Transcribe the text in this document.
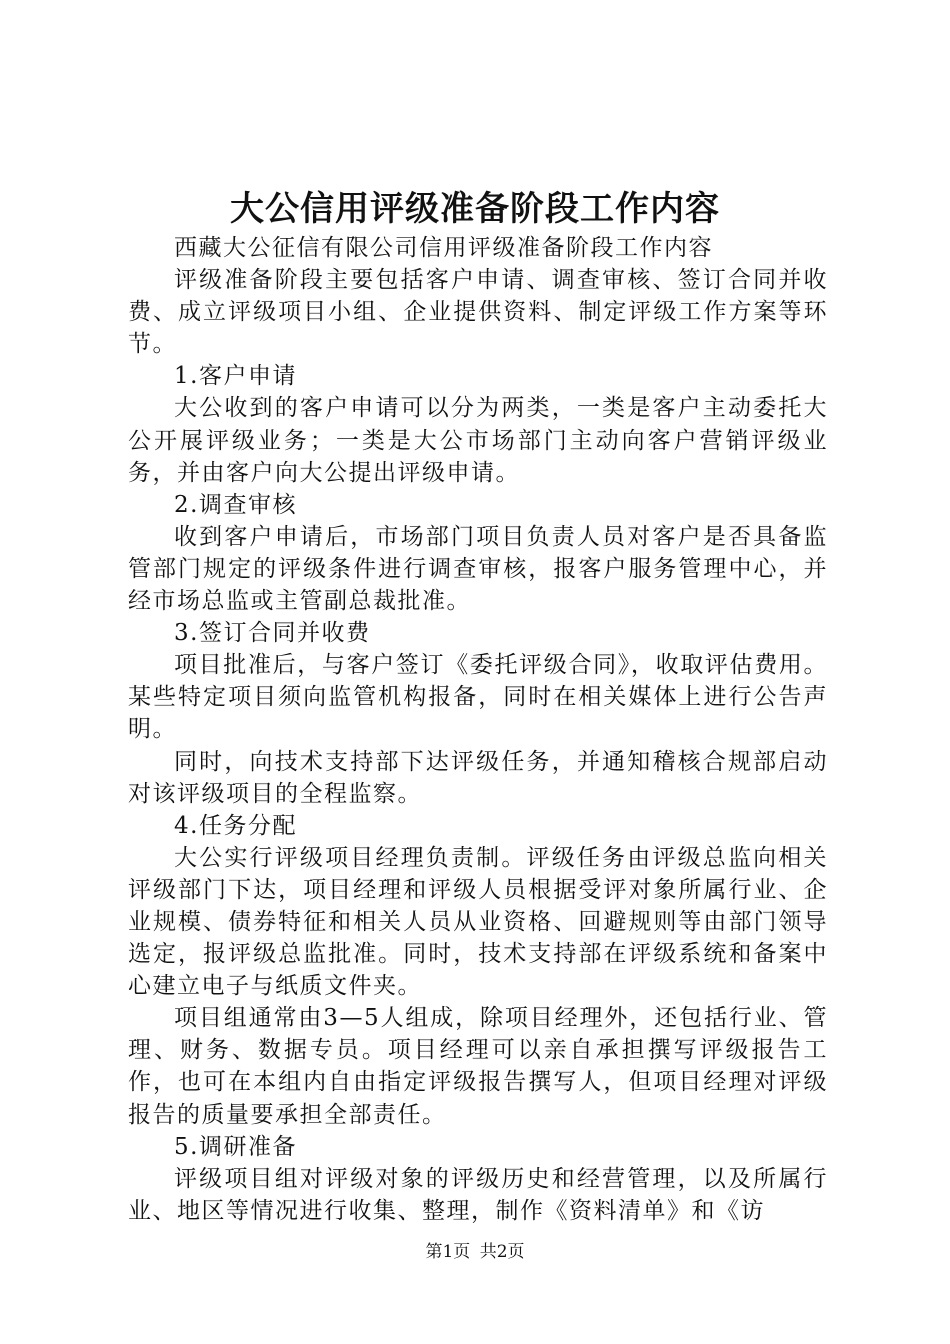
大公信用评级准备阶段工作内容

西藏大公征信有限公司信用评级准备阶段工作内容

评级准备阶段主要包括客户申请、调查审核、签订合同并收费、成立评级项目小组、企业提供资料、制定评级工作方案等环节。

1.客户申请

大公收到的客户申请可以分为两类，一类是客户主动委托大公开展评级业务；一类是大公市场部门主动向客户营销评级业务，并由客户向大公提出评级申请。

2.调查审核

收到客户申请后，市场部门项目负责人员对客户是否具备监管部门规定的评级条件进行调查审核，报客户服务管理中心，并经市场总监或主管副总裁批准。

3.签订合同并收费

项目批准后，与客户签订《委托评级合同》，收取评估费用。某些特定项目须向监管机构报备，同时在相关媒体上进行公告声明。

同时，向技术支持部下达评级任务，并通知稽核合规部启动对该评级项目的全程监察。

4.任务分配

大公实行评级项目经理负责制。评级任务由评级总监向相关评级部门下达，项目经理和评级人员根据受评对象所属行业、企业规模、债券特征和相关人员从业资格、回避规则等由部门领导选定，报评级总监批准。同时，技术支持部在评级系统和备案中心建立电子与纸质文件夹。

项目组通常由3—5人组成，除项目经理外，还包括行业、管理、财务、数据专员。项目经理可以亲自承担撰写评级报告工作，也可在本组内自由指定评级报告撰写人，但项目经理对评级报告的质量要承担全部责任。

5.调研准备

评级项目组对评级对象的评级历史和经营管理，以及所属行业、地区等情况进行收集、整理，制作《资料清单》和《访

第1页 共2页
